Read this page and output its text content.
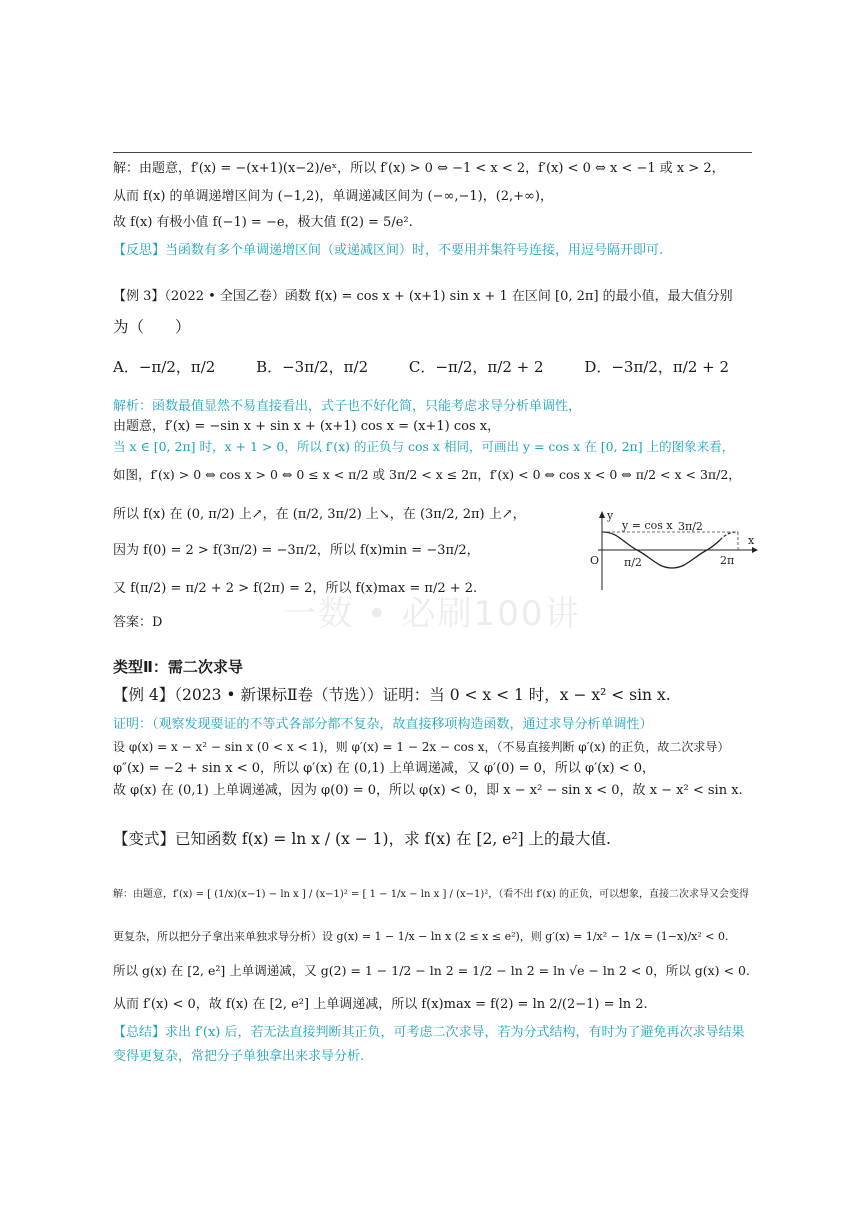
解：由题意，f′(x) = −(x+1)(x−2)/eˣ，所以 f′(x) > 0 ⇔ −1 < x < 2，f′(x) < 0 ⇔ x < −1 或 x > 2，
从而 f(x) 的单调递增区间为 (−1,2)，单调递减区间为 (−∞,−1)，(2,+∞)，
故 f(x) 有极小值 f(−1) = −e，极大值 f(2) = 5/e².
【反思】当函数有多个单调递增区间（或递减区间）时，不要用并集符号连接，用逗号隔开即可.
【例 3】（2022 • 全国乙卷）函数 f(x) = cos x + (x+1) sin x + 1 在区间 [0, 2π] 的最小值，最大值分别
为（　　）
A．−π/2，π/2	B．−3π/2，π/2	C．−π/2，π/2 + 2	D．−3π/2，π/2 + 2
解析：函数最值显然不易直接看出，式子也不好化简，只能考虑求导分析单调性，
由题意，f′(x) = −sin x + sin x + (x+1) cos x = (x+1) cos x，
当 x ∈ [0, 2π] 时，x + 1 > 0，所以 f′(x) 的正负与 cos x 相同，可画出 y = cos x 在 [0, 2π] 上的图象来看，
如图，f′(x) > 0 ⇔ cos x > 0 ⇔ 0 ≤ x < π/2 或 3π/2 < x ≤ 2π，f′(x) < 0 ⇔ cos x < 0 ⇔ π/2 < x < 3π/2，
所以 f(x) 在 (0, π/2) 上↗，在 (π/2, 3π/2) 上↘，在 (3π/2, 2π) 上↗，
因为 f(0) = 2 > f(3π/2) = −3π/2，所以 f(x)min = −3π/2，
又 f(π/2) = π/2 + 2 > f(2π) = 2，所以 f(x)max = π/2 + 2.
答案：D
y
x
y = cos x
O π/2
3π/2
2π
一数 • 必刷100讲
类型Ⅱ：需二次求导
【例 4】（2023 • 新课标Ⅱ卷（节选））证明：当 0 < x < 1 时，x − x² < sin x.
证明：（观察发现要证的不等式各部分都不复杂，故直接移项构造函数，通过求导分析单调性）
设 φ(x) = x − x² − sin x (0 < x < 1)，则 φ′(x) = 1 − 2x − cos x，（不易直接判断 φ′(x) 的正负，故二次求导）
φ″(x) = −2 + sin x < 0，所以 φ′(x) 在 (0,1) 上单调递减，又 φ′(0) = 0，所以 φ′(x) < 0，
故 φ(x) 在 (0,1) 上单调递减，因为 φ(0) = 0，所以 φ(x) < 0，即 x − x² − sin x < 0，故 x − x² < sin x.
【变式】已知函数 f(x) = ln x / (x − 1)，求 f(x) 在 [2, e²] 上的最大值.
解：由题意，f′(x) = [ (1/x)(x−1) − ln x ] / (x−1)² = [ 1 − 1/x − ln x ] / (x−1)²，（看不出 f′(x) 的正负，可以想象，直接二次求导又会变得
更复杂，所以把分子拿出来单独求导分析）设 g(x) = 1 − 1/x − ln x (2 ≤ x ≤ e²)，则 g′(x) = 1/x² − 1/x = (1−x)/x² < 0.
所以 g(x) 在 [2, e²] 上单调递减，又 g(2) = 1 − 1/2 − ln 2 = 1/2 − ln 2 = ln √e − ln 2 < 0，所以 g(x) < 0.
从而 f′(x) < 0，故 f(x) 在 [2, e²] 上单调递减，所以 f(x)max = f(2) = ln 2/(2−1) = ln 2.
【总结】求出 f′(x) 后，若无法直接判断其正负，可考虑二次求导，若为分式结构，有时为了避免再次求导结果
变得更复杂，常把分子单独拿出来求导分析.
